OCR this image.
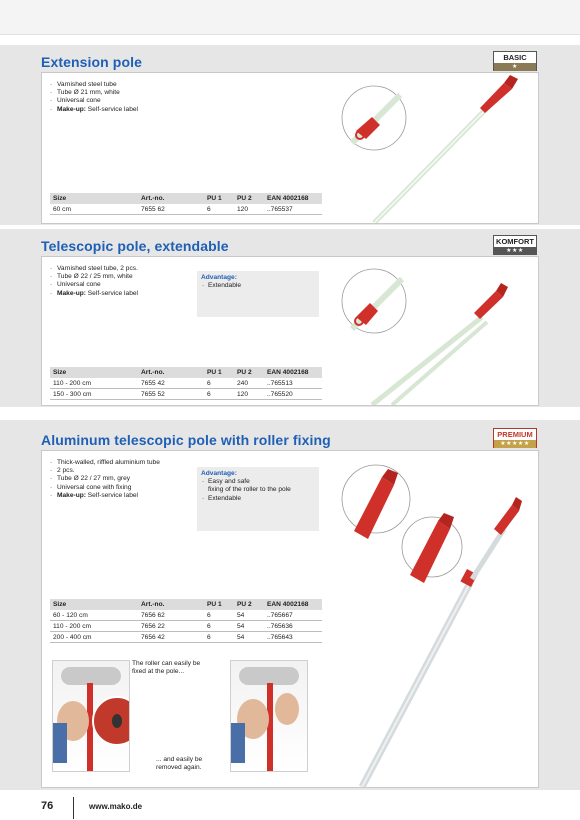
Extension pole	BASIC
★
· Varnished steel tube
· Tube Ø 21 mm, white
· Universal cone
· Make-up: Self-service label
Size	Art.-no.	PU 1	PU 2	EAN 4002168
60 cm	7655 62	6	120	..765537
Telescopic pole, extendable	KOMFORT
★★★
· Varnished steel tube, 2 pcs.
· Tube Ø 22 / 25 mm, white
· Universal cone
· Make-up: Self-service label
Advantage:
· Extendable
Size	Art.-no.	PU 1	PU 2	EAN 4002168
110 - 200 cm	7655 42	6	240	..765513
150 - 300 cm	7655 52	6	120	..765520
Aluminum telescopic pole with roller fixing	PREMIUM
★★★★★
· Thick-walled, riffled aluminium tube
· 2 pcs.
· Tube Ø 22 / 27 mm, grey
· Universal cone with fixing
· Make-up: Self-service label
Advantage:
· Easy and safe
fixing of the roller to the pole
· Extendable
Size	Art.-no.	PU 1	PU 2	EAN 4002168
60 - 120 cm	7656 62	6	54	..765667
110 - 200 cm	7656 22	6	54	..765636
200 - 400 cm	7656 42	6	54	..765643
The roller can easily be
fixed at the pole...
... and easily be
removed again.
76	www.mako.de
